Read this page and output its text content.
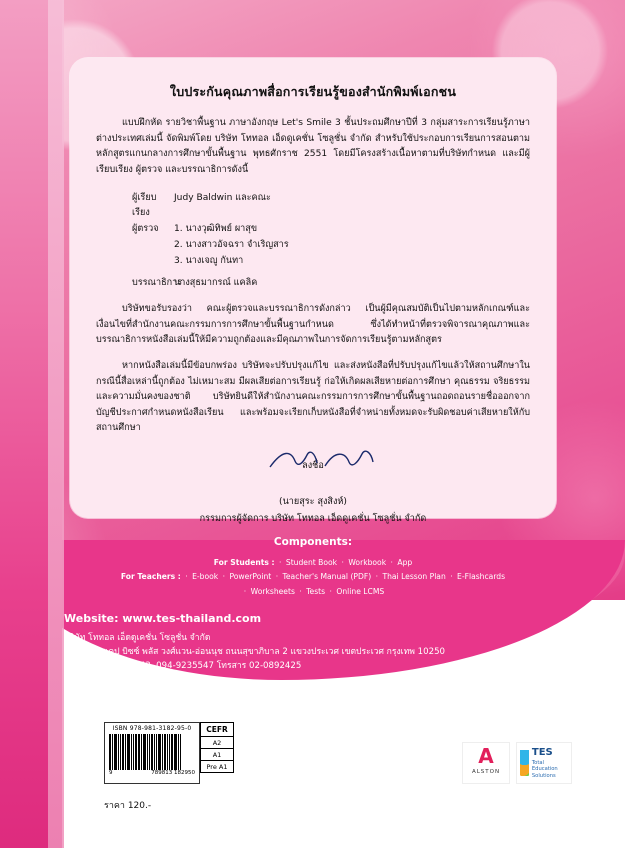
ใบประกันคุณภาพสื่อการเรียนรู้ของสำนักพิมพ์เอกชน

แบบฝึกหัด รายวิชาพื้นฐาน ภาษาอังกฤษ Let's Smile 3 ชั้นประถมศึกษาปีที่ 3 กลุ่มสาระการเรียนรู้ภาษาต่างประเทศเล่มนี้ จัดพิมพ์โดย บริษัท โททอล เอ็ดดูเคชั่น โซลูชั่น จำกัด สำหรับใช้ประกอบการเรียนการสอนตามหลักสูตรแกนกลางการศึกษาขั้นพื้นฐาน พุทธศักราช 2551 โดยมีโครงสร้างเนื้อหาตามที่บริษัทกำหนด และมีผู้เรียบเรียง ผู้ตรวจ และบรรณาธิการดังนี้

ผู้เรียบเรียง
Judy Baldwin และคณะ
ผู้ตรวจ	1. นางวุฒิทิพย์ ผาสุข
2. นางสาวอัจฉรา จำเริญสาร
3. นางเจญู กันทา
บรรณาธิการ
นางสุธมากรณ์ แคลิค

บริษัทขอรับรองว่า คณะผู้ตรวจและบรรณาธิการดังกล่าว เป็นผู้มีคุณสมบัติเป็นไปตามหลักเกณฑ์และเงื่อนไขที่สำนักงานคณะกรรมการการศึกษาขั้นพื้นฐานกำหนด ซึ่งได้ทำหน้าที่ตรวจพิจารณาคุณภาพและบรรณาธิการหนังสือเล่มนี้ให้มีความถูกต้องและมีคุณภาพในการจัดการเรียนรู้ตามหลักสูตร

หากหนังสือเล่มนี้มีข้อบกพร่อง บริษัทจะปรับปรุงแก้ไข และส่งหนังสือที่ปรับปรุงแก้ไขแล้วให้สถานศึกษาในกรณีนี้สื่อเหล่านี้ถูกต้อง ไม่เหมาะสม มีผลเสียต่อการเรียนรู้ ก่อให้เกิดผลเสียหายต่อการศึกษา คุณธรรม จริยธรรม และความมั่นคงของชาติ บริษัทยินดีให้สำนักงานคณะกรรมการการศึกษาขั้นพื้นฐานถอดถอนรายชื่อออกจากบัญชีประกาศกำหนดหนังสือเรียน และพร้อมจะเรียกเก็บหนังสือที่จำหน่ายทั้งหมดจะรับผิดชอบค่าเสียหายให้กับสถานศึกษา

ลงชื่อ
(นายสุระ สุงสิงห์)
กรรมการผู้จัดการ บริษัท โททอล เอ็ดดูเคชั่น โซลูชั่น จำกัด
Components:
For Students : · Student Book · Workbook · App
For Teachers : · E-book · PowerPoint · Teacher's Manual (PDF) · Thai Lesson Plan · E-Flashcards
· Worksheets · Tests · Online LCMS
Website: www.tes-thailand.com
บริษัท โททอล เอ็ดดูเคชั่น โซลูชั่น จำกัด
24/25 เอชเคป บิซซ์ พลัส วงศ์แวน-อ่อนนุช ถนนสุขาภิบาล 2 แขวงประเวศ เขตประเวศ กรุงเทพ 10250
โทรศัพท์ 02-1154943, 094-9235547 โทรสาร 02-0892425
ISBN 978-981-3182-95-0
9	789813 182950
CEFR
A2
A1
Pre A1
ราคา 120.-
A
ALSTON
TES
Total Education Solutions
